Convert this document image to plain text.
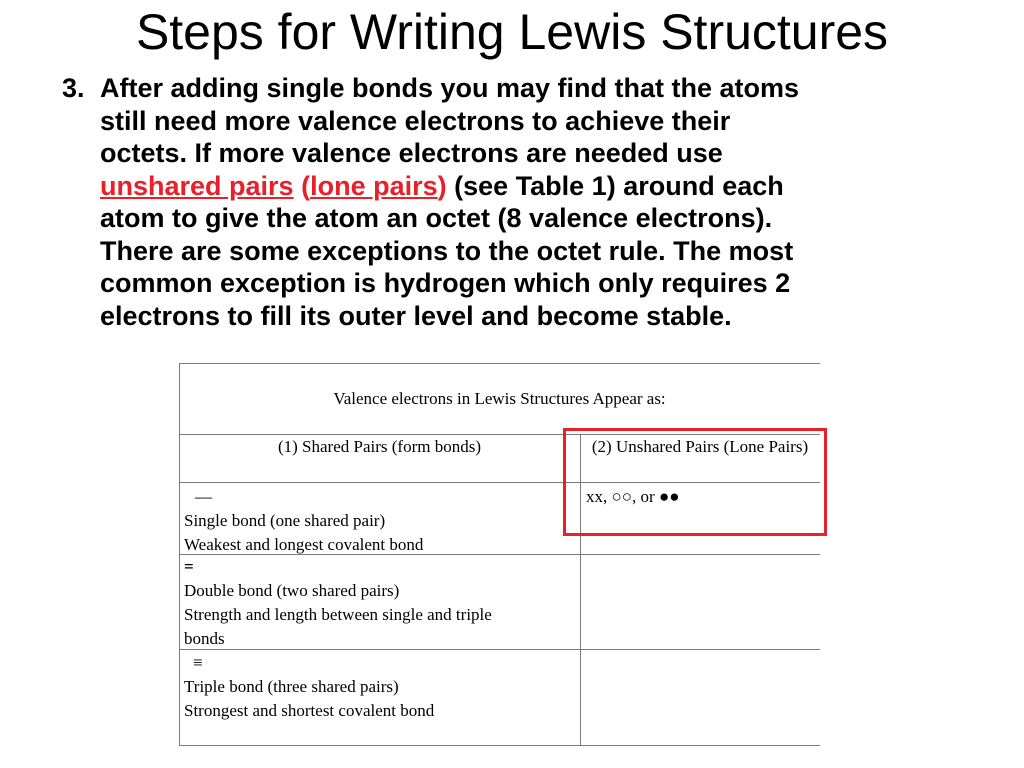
Steps for Writing Lewis Structures
3. After adding single bonds you may find that the atoms
still need more valence electrons to achieve their
octets. If more valence electrons are needed use
unshared pairs (lone pairs) (see Table 1) around each
atom to give the atom an octet (8 valence electrons).
There are some exceptions to the octet rule. The most
common exception is hydrogen which only requires 2
electrons to fill its outer level and become stable.
Valence electrons in Lewis Structures Appear as:
(1) Shared Pairs (form bonds)	(2) Unshared Pairs (Lone Pairs)
—
Single bond (one shared pair)
Weakest and longest covalent bond
xx, ○○, or ●●
=
Double bond (two shared pairs)
Strength and length between single and triple
bonds
≡
Triple bond (three shared pairs)
Strongest and shortest covalent bond
